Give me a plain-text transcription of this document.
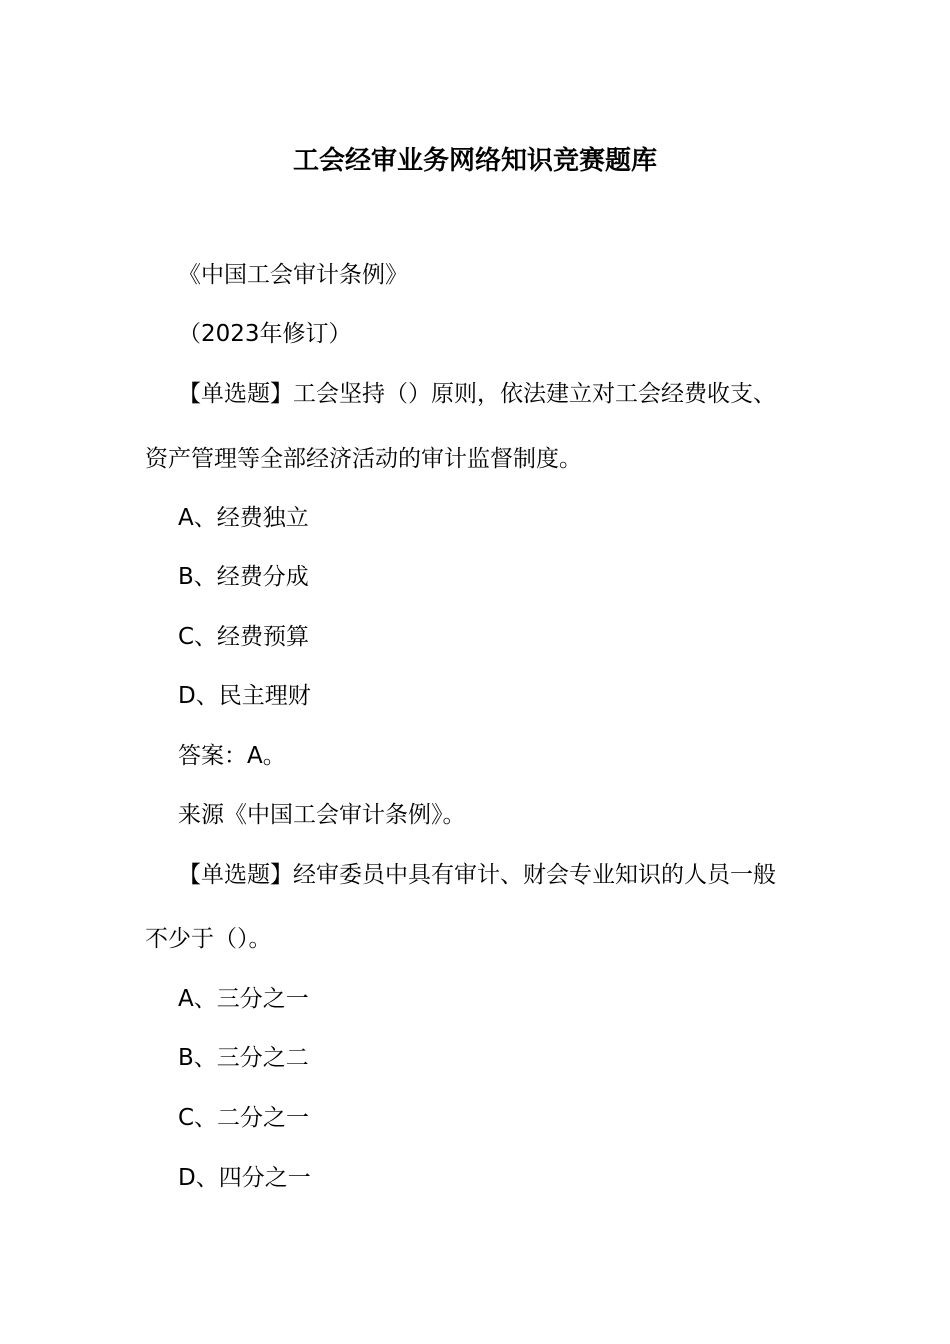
工会经审业务网络知识竞赛题库
《中国工会审计条例》
（2023年修订）
【单选题】工会坚持（）原则，依法建立对工会经费收支、
资产管理等全部经济活动的审计监督制度。
A、经费独立
B、经费分成
C、经费预算
D、民主理财
答案：A。
来源《中国工会审计条例》。
【单选题】经审委员中具有审计、财会专业知识的人员一般
不少于（）。
A、三分之一
B、三分之二
C、二分之一
D、四分之一
